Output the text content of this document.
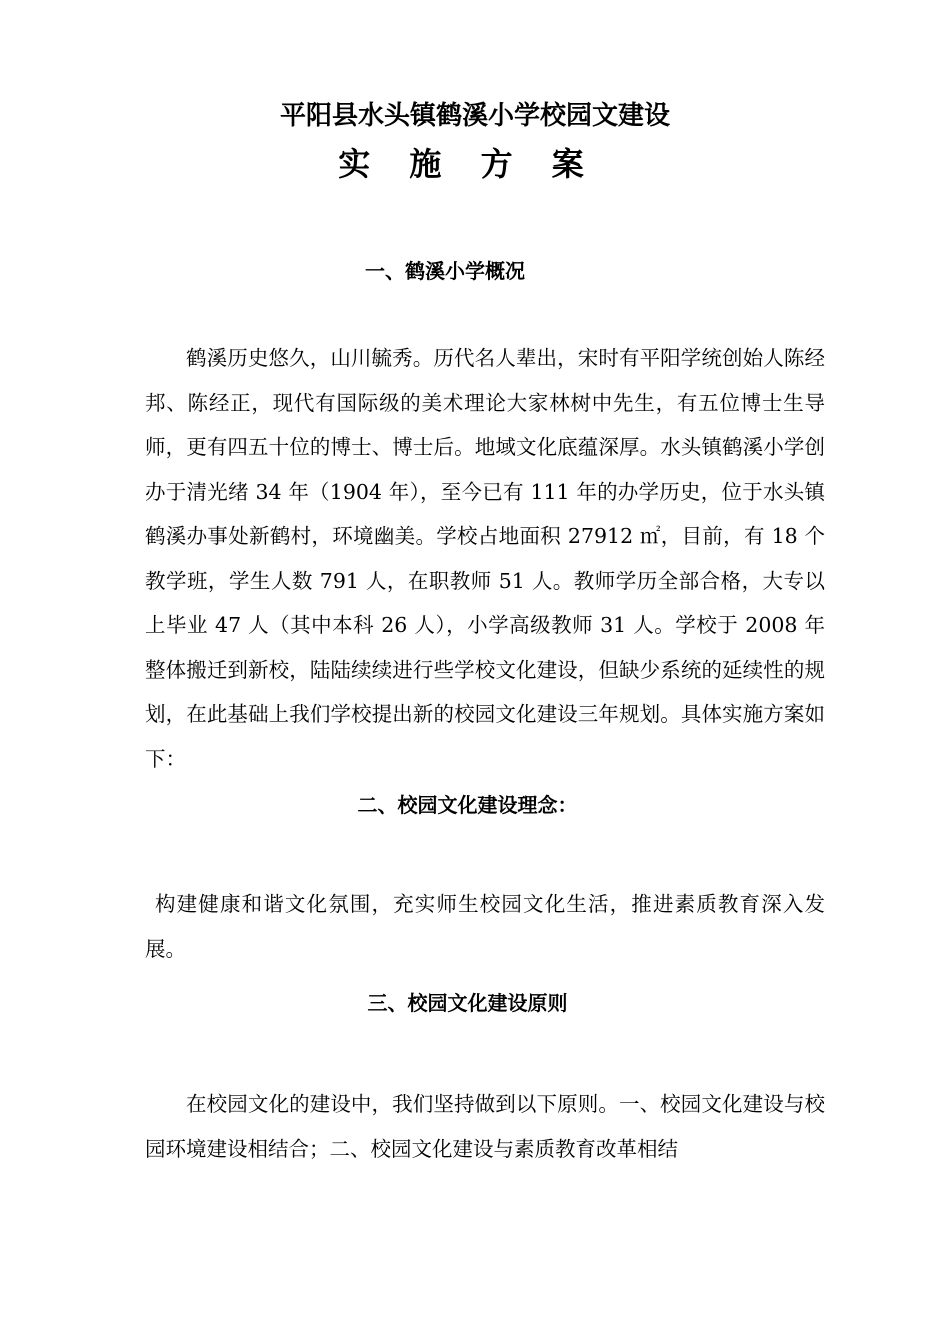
平阳县水头镇鹤溪小学校园文建设
实 施 方 案
一、鹤溪小学概况

鹤溪历史悠久，山川毓秀。历代名人辈出，宋时有平阳学统创始人陈经邦、陈经正，现代有国际级的美术理论大家林树中先生，有五位博士生导师，更有四五十位的博士、博士后。地域文化底蕴深厚。水头镇鹤溪小学创办于清光绪 34 年（1904 年），至今已有 111 年的办学历史，位于水头镇鹤溪办事处新鹤村，环境幽美。学校占地面积 27912 ㎡，目前，有 18 个教学班，学生人数 791 人，在职教师 51 人。教师学历全部合格，大专以上毕业 47 人（其中本科 26 人），小学高级教师 31 人。学校于 2008 年整体搬迁到新校，陆陆续续进行些学校文化建设，但缺少系统的延续性的规划，在此基础上我们学校提出新的校园文化建设三年规划。具体实施方案如下：

二、校园文化建设理念：

构建健康和谐文化氛围，充实师生校园文化生活，推进素质教育深入发展。

三、校园文化建设原则

在校园文化的建设中，我们坚持做到以下原则。一、校园文化建设与校园环境建设相结合；二、校园文化建设与素质教育改革相结
